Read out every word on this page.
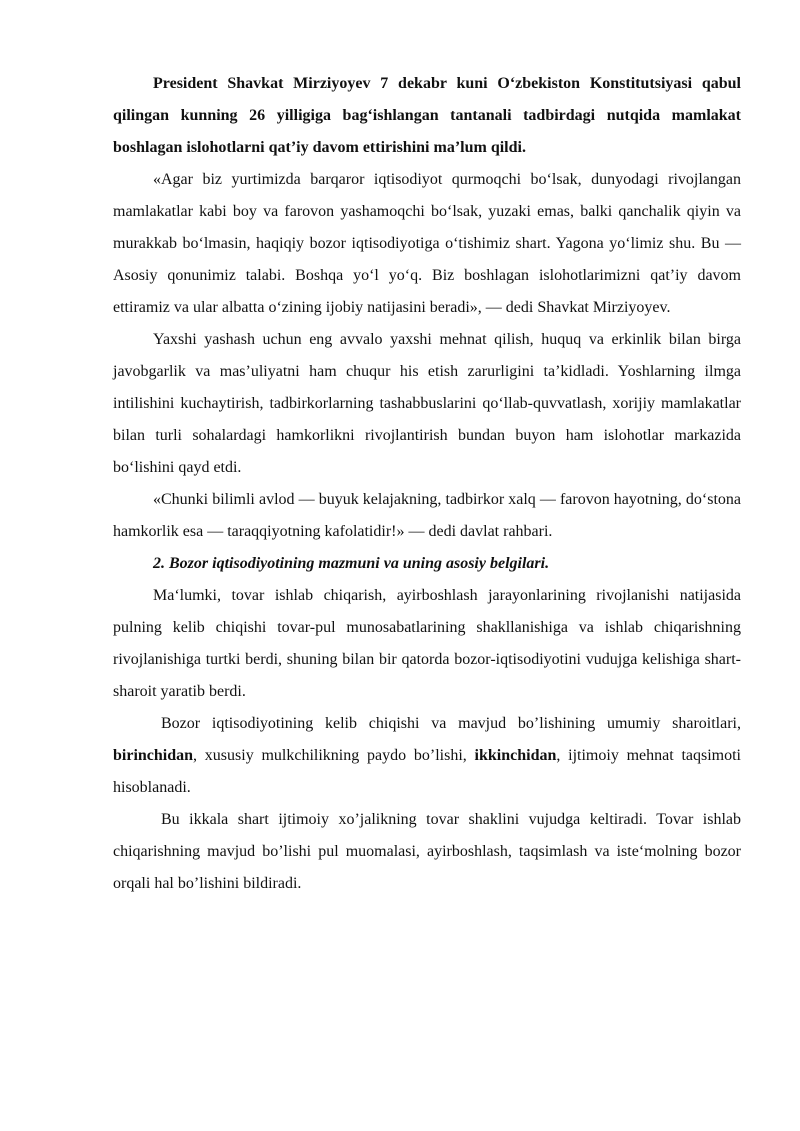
President Shavkat Mirziyoyev 7 dekabr kuni O‘zbekiston Konstitutsiyasi qabul qilingan kunning 26 yilligiga bag‘ishlangan tantanali tadbirdagi nutqida mamlakat boshlagan islohotlarni qat’iy davom ettirishini ma’lum qildi.

«Agar biz yurtimizda barqaror iqtisodiyot qurmoqchi bo‘lsak, dunyodagi rivojlangan mamlakatlar kabi boy va farovon yashamoqchi bo‘lsak, yuzaki emas, balki qanchalik qiyin va murakkab bo‘lmasin, haqiqiy bozor iqtisodiyotiga o‘tishimiz shart. Yagona yo‘limiz shu. Bu — Asosiy qonunimiz talabi. Boshqa yo‘l yo‘q. Biz boshlagan islohotlarimizni qat’iy davom ettiramiz va ular albatta o‘zining ijobiy natijasini beradi», — dedi Shavkat Mirziyoyev.

Yaxshi yashash uchun eng avvalo yaxshi mehnat qilish, huquq va erkinlik bilan birga javobgarlik va mas’uliyatni ham chuqur his etish zarurligini ta’kidladi. Yoshlarning ilmga intilishini kuchaytirish, tadbirkorlarning tashabbuslarini qo‘llab-quvvatlash, xorijiy mamlakatlar bilan turli sohalardagi hamkorlikni rivojlantirish bundan buyon ham islohotlar markazida bo‘lishini qayd etdi.

«Chunki bilimli avlod — buyuk kelajakning, tadbirkor xalq — farovon hayotning, do‘stona hamkorlik esa — taraqqiyotning kafolatidir!» — dedi davlat rahbari.

2. Bozor iqtisodiyotining mazmuni va uning asosiy belgilari.

Ma‘lumki, tovar ishlab chiqarish, ayirboshlash jarayonlarining rivojlanishi natijasida pulning kelib chiqishi tovar-pul munosabatlarining shakllanishiga va ishlab chiqarishning rivojlanishiga turtki berdi, shuning bilan bir qatorda bozor-iqtisodiyotini vudujga kelishiga shart-sharoit yaratib berdi.

Bozor iqtisodiyotining kelib chiqishi va mavjud bo’lishining umumiy sharoitlari, birinchidan, xususiy mulkchilikning paydo bo’lishi, ikkinchidan, ijtimoiy mehnat taqsimoti hisoblanadi.

Bu ikkala shart ijtimoiy xo’jalikning tovar shaklini vujudga keltiradi. Tovar ishlab chiqarishning mavjud bo’lishi pul muomalasi, ayirboshlash, taqsimlash va iste‘molning bozor orqali hal bo’lishini bildiradi.
